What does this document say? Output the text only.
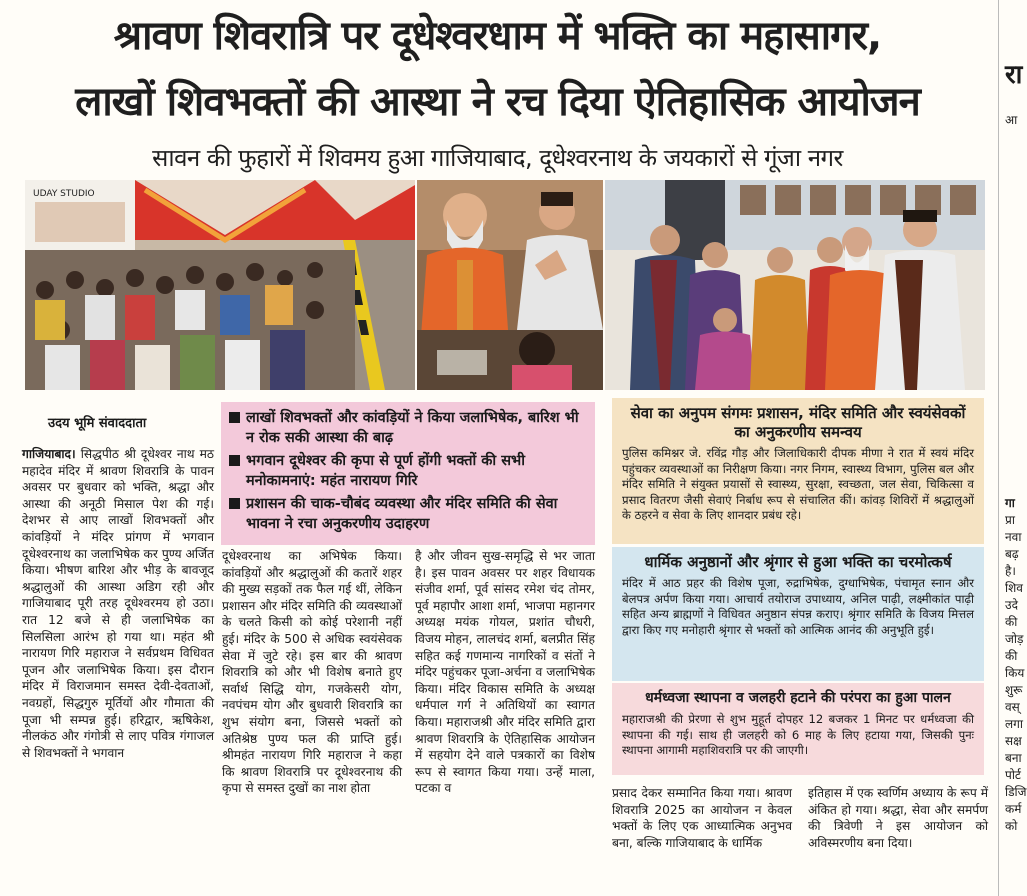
श्रावण शिवरात्रि पर दूधेश्वरधाम में भक्ति का महासागर,
लाखों शिवभक्तों की आस्था ने रच दिया ऐतिहासिक आयोजन
सावन की फुहारों में शिवमय हुआ गाजियाबाद, दूधेश्वरनाथ के जयकारों से गूंजा नगर
UDAY STUDIO
उदय भूमि संवाददाता

गाजियाबाद। सिद्धपीठ श्री दूधेश्वर नाथ मठ महादेव मंदिर में श्रावण शिवरात्रि के पावन अवसर पर बुधवार को भक्ति, श्रद्धा और आस्था की अनूठी मिसाल पेश की गई। देशभर से आए लाखों शिवभक्तों और कांवड़ियों ने मंदिर प्रांगण में भगवान दूधेश्वरनाथ का जलाभिषेक कर पुण्य अर्जित किया। भीषण बारिश और भीड़ के बावजूद श्रद्धालुओं की आस्था अडिग रही और गाजियाबाद पूरी तरह दूधेश्वरमय हो उठा। रात 12 बजे से ही जलाभिषेक का सिलसिला आरंभ हो गया था। महंत श्री नारायण गिरि महाराज ने सर्वप्रथम विधिवत पूजन और जलाभिषेक किया। इस दौरान मंदिर में विराजमान समस्त देवी-देवताओं, नवग्रहों, सिद्धगुरु मूर्तियों और गौमाता की पूजा भी सम्पन्न हुई। हरिद्वार, ऋषिकेश, नीलकंठ और गंगोत्री से लाए पवित्र गंगाजल से शिवभक्तों ने भगवान

लाखों शिवभक्तों और कांवड़ियों ने किया जलाभिषेक, बारिश भी न रोक सकी आस्था की बाढ़
भगवान दूधेश्वर की कृपा से पूर्ण होंगी भक्तों की सभी मनोकामनाएं: महंत नारायण गिरि
प्रशासन की चाक-चौबंद व्यवस्था और मंदिर समिति की सेवा भावना ने रचा अनुकरणीय उदाहरण

दूधेश्वरनाथ का अभिषेक किया। कांवड़ियों और श्रद्धालुओं की कतारें शहर की मुख्य सड़कों तक फैल गई थीं, लेकिन प्रशासन और मंदिर समिति की व्यवस्थाओं के चलते किसी को कोई परेशानी नहीं हुई। मंदिर के 500 से अधिक स्वयंसेवक सेवा में जुटे रहे। इस बार की श्रावण शिवरात्रि को और भी विशेष बनाते हुए सर्वार्थ सिद्धि योग, गजकेसरी योग, नवपंचम योग और बुधवारी शिवरात्रि का शुभ संयोग बना, जिससे भक्तों को अतिश्रेष्ठ पुण्य फल की प्राप्ति हुई। श्रीमहंत नारायण गिरि महाराज ने कहा कि श्रावण शिवरात्रि पर दूधेश्वरनाथ की कृपा से समस्त दुखों का नाश होता

है और जीवन सुख-समृद्धि से भर जाता है। इस पावन अवसर पर शहर विधायक संजीव शर्मा, पूर्व सांसद रमेश चंद तोमर, पूर्व महापौर आशा शर्मा, भाजपा महानगर अध्यक्ष मयंक गोयल, प्रशांत चौधरी, विजय मोहन, लालचंद शर्मा, बलप्रीत सिंह सहित कई गणमान्य नागरिकों व संतों ने मंदिर पहुंचकर पूजा-अर्चना व जलाभिषेक किया। मंदिर विकास समिति के अध्यक्ष धर्मपाल गर्ग ने अतिथियों का स्वागत किया। महाराजश्री और मंदिर समिति द्वारा श्रावण शिवरात्रि के ऐतिहासिक आयोजन में सहयोग देने वाले पत्रकारों का विशेष रूप से स्वागत किया गया। उन्हें माला, पटका व

सेवा का अनुपम संगमः प्रशासन, मंदिर समिति और स्वयंसेवकों का अनुकरणीय समन्वय
पुलिस कमिश्नर जे. रविंद्र गौड़ और जिलाधिकारी दीपक मीणा ने रात में स्वयं मंदिर पहुंचकर व्यवस्थाओं का निरीक्षण किया। नगर निगम, स्वास्थ्य विभाग, पुलिस बल और मंदिर समिति ने संयुक्त प्रयासों से स्वास्थ्य, सुरक्षा, स्वच्छता, जल सेवा, चिकित्सा व प्रसाद वितरण जैसी सेवाएं निर्बाध रूप से संचालित कीं। कांवड़ शिविरों में श्रद्धालुओं के ठहरने व सेवा के लिए शानदार प्रबंध रहे।
धार्मिक अनुष्ठानों और श्रृंगार से हुआ भक्ति का चरमोत्कर्ष
मंदिर में आठ प्रहर की विशेष पूजा, रुद्राभिषेक, दुग्धाभिषेक, पंचामृत स्नान और बेलपत्र अर्पण किया गया। आचार्य तयोराज उपाध्याय, अनिल पाढ़ी, लक्ष्मीकांत पाढ़ी सहित अन्य ब्राह्मणों ने विधिवत अनुष्ठान संपन्न कराए। श्रृंगार समिति के विजय मित्तल द्वारा किए गए मनोहारी श्रृंगार से भक्तों को आत्मिक आनंद की अनुभूति हुई।
धर्मध्वजा स्थापना व जलहरी हटाने की परंपरा का हुआ पालन
महाराजश्री की प्रेरणा से शुभ मुहूर्त दोपहर 12 बजकर 1 मिनट पर धर्मध्वजा की स्थापना की गई। साथ ही जलहरी को 6 माह के लिए हटाया गया, जिसकी पुनः स्थापना आगामी महाशिवरात्रि पर की जाएगी।

प्रसाद देकर सम्मानित किया गया। श्रावण शिवरात्रि 2025 का आयोजन न केवल भक्तों के लिए एक आध्यात्मिक अनुभव बना, बल्कि गाजियाबाद के धार्मिक

इतिहास में एक स्वर्णिम अध्याय के रूप में अंकित हो गया। श्रद्धा, सेवा और समर्पण की त्रिवेणी ने इस आयोजन को अविस्मरणीय बना दिया।

रा
आ
गा
प्रा
नवा
बढ़
है।
शिव
उदे
की
जोड़
की
किय
शुरू
वस्
लगा
सक्ष
बना
पोर्ट
डिजि
कर्म
को
